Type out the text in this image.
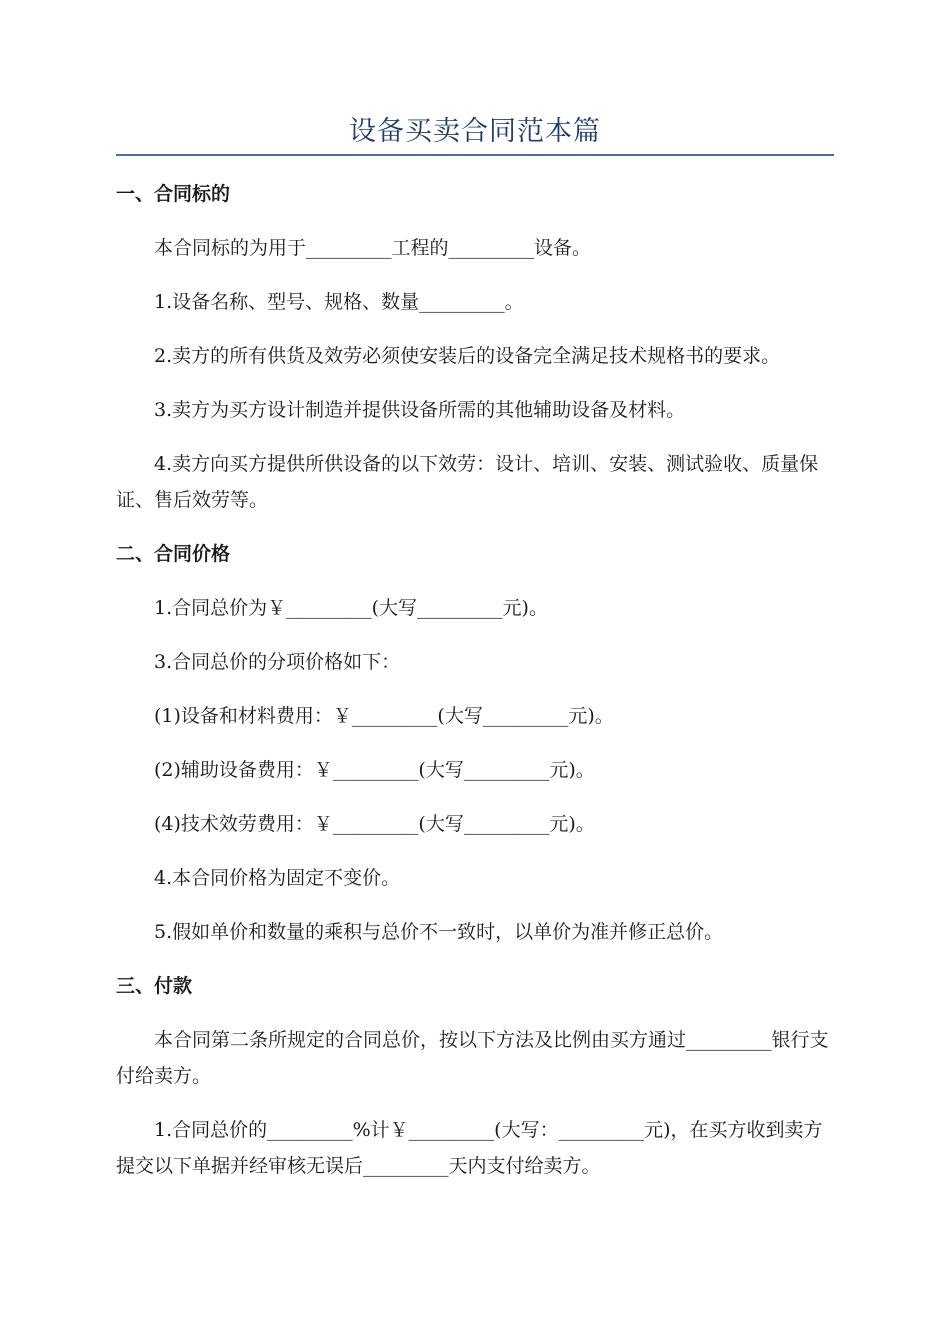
设备买卖合同范本篇
一、合同标的

本合同标的为用于_________工程的_________设备。

1.设备名称、型号、规格、数量_________。

2.卖方的所有供货及效劳必须使安装后的设备完全满足技术规格书的要求。

3.卖方为买方设计制造并提供设备所需的其他辅助设备及材料。

4.卖方向买方提供所供设备的以下效劳：设计、培训、安装、测试验收、质量保证、售后效劳等。

二、合同价格

1.合同总价为￥_________(大写_________元)。

3.合同总价的分项价格如下：

(1)设备和材料费用：￥_________(大写_________元)。

(2)辅助设备费用：￥_________(大写_________元)。

(4)技术效劳费用：￥_________(大写_________元)。

4.本合同价格为固定不变价。

5.假如单价和数量的乘积与总价不一致时，以单价为准并修正总价。

三、付款

本合同第二条所规定的合同总价，按以下方法及比例由买方通过_________银行支付给卖方。

1.合同总价的_________%计￥_________(大写：_________元)，在买方收到卖方提交以下单据并经审核无误后_________天内支付给卖方。
